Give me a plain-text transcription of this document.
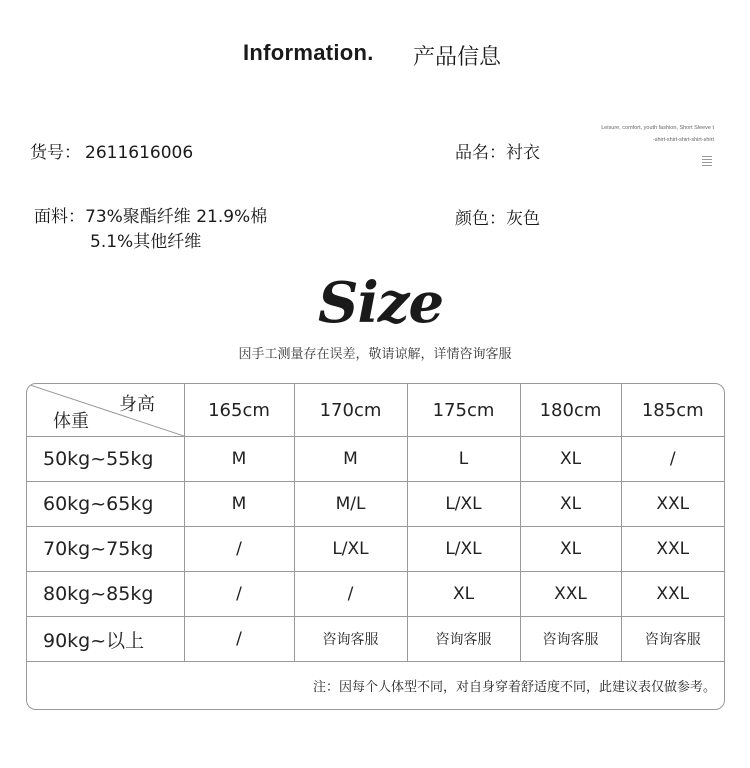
Information. 产品信息
货号： 2611616006	品名：衬衣
面料：73%聚酯纤维 21.9%棉
5.1%其他纤维
颜色：灰色
Leisure, comfort, youth fashion, Short Sleeve t
-shirt-shirt-shirt-shirt-shirt
Size
因手工测量存在误差，敬请谅解，详情咨询客服
身高
体重	165cm	170cm	175cm	180cm	185cm
50kg~55kg	M	M	L	XL	/
60kg~65kg	M	M/L	L/XL	XL	XXL
70kg~75kg	/	L/XL	L/XL	XL	XXL
80kg~85kg	/	/	XL	XXL	XXL
90kg~以上	/	咨询客服	咨询客服	咨询客服	咨询客服
注：因每个人体型不同，对自身穿着舒适度不同，此建议表仅做参考。					
